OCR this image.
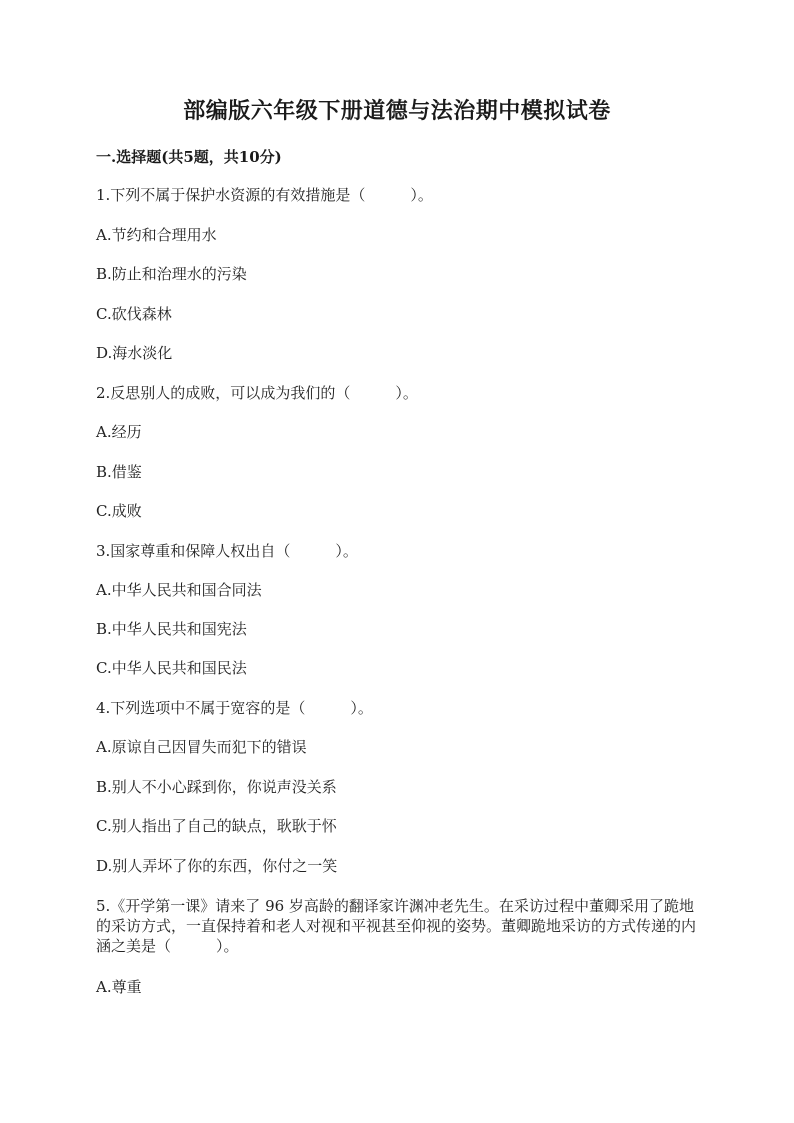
部编版六年级下册道德与法治期中模拟试卷
一.选择题(共5题，共10分)
1.下列不属于保护水资源的有效措施是（　　　）。
A.节约和合理用水
B.防止和治理水的污染
C.砍伐森林
D.海水淡化
2.反思别人的成败，可以成为我们的（　　　）。
A.经历
B.借鉴
C.成败
3.国家尊重和保障人权出自（　　　）。
A.中华人民共和国合同法
B.中华人民共和国宪法
C.中华人民共和国民法
4.下列选项中不属于宽容的是（　　　）。
A.原谅自己因冒失而犯下的错误
B.别人不小心踩到你，你说声没关系
C.别人指出了自己的缺点，耿耿于怀
D.别人弄坏了你的东西，你付之一笑
5.《开学第一课》请来了 96 岁高龄的翻译家许渊冲老先生。在采访过程中董卿采用了跪地的采访方式，一直保持着和老人对视和平视甚至仰视的姿势。董卿跪地采访的方式传递的内涵之美是（　　　）。
A.尊重
